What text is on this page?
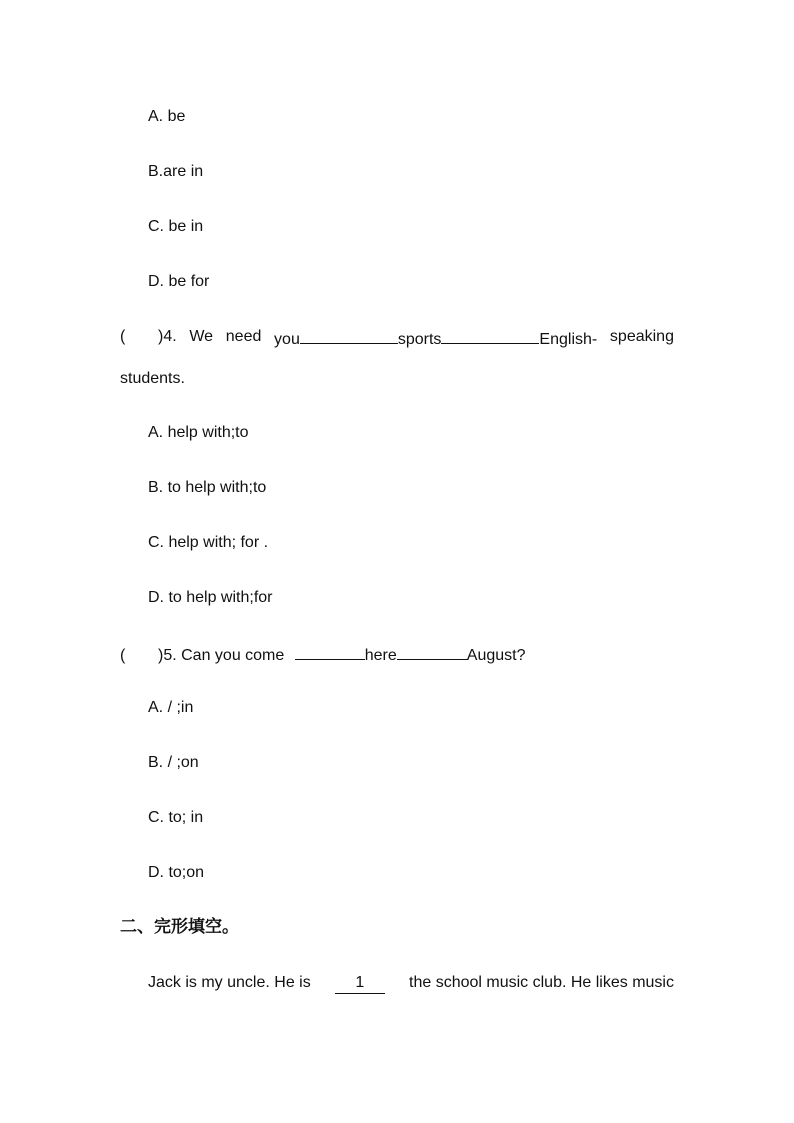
A. be
B.are in
C. be in
D. be for
( )4. We need you	sports	English- speaking
students.
A. help with;to
B. to help with;to
C. help with; for .
D. to help with;for
( )5. Can you come	here	August?
A. / ;in
B. / ;on
C. to; in
D. to;on
二、完形填空。
Jack is my uncle. He is	1	the school music club. He likes music
